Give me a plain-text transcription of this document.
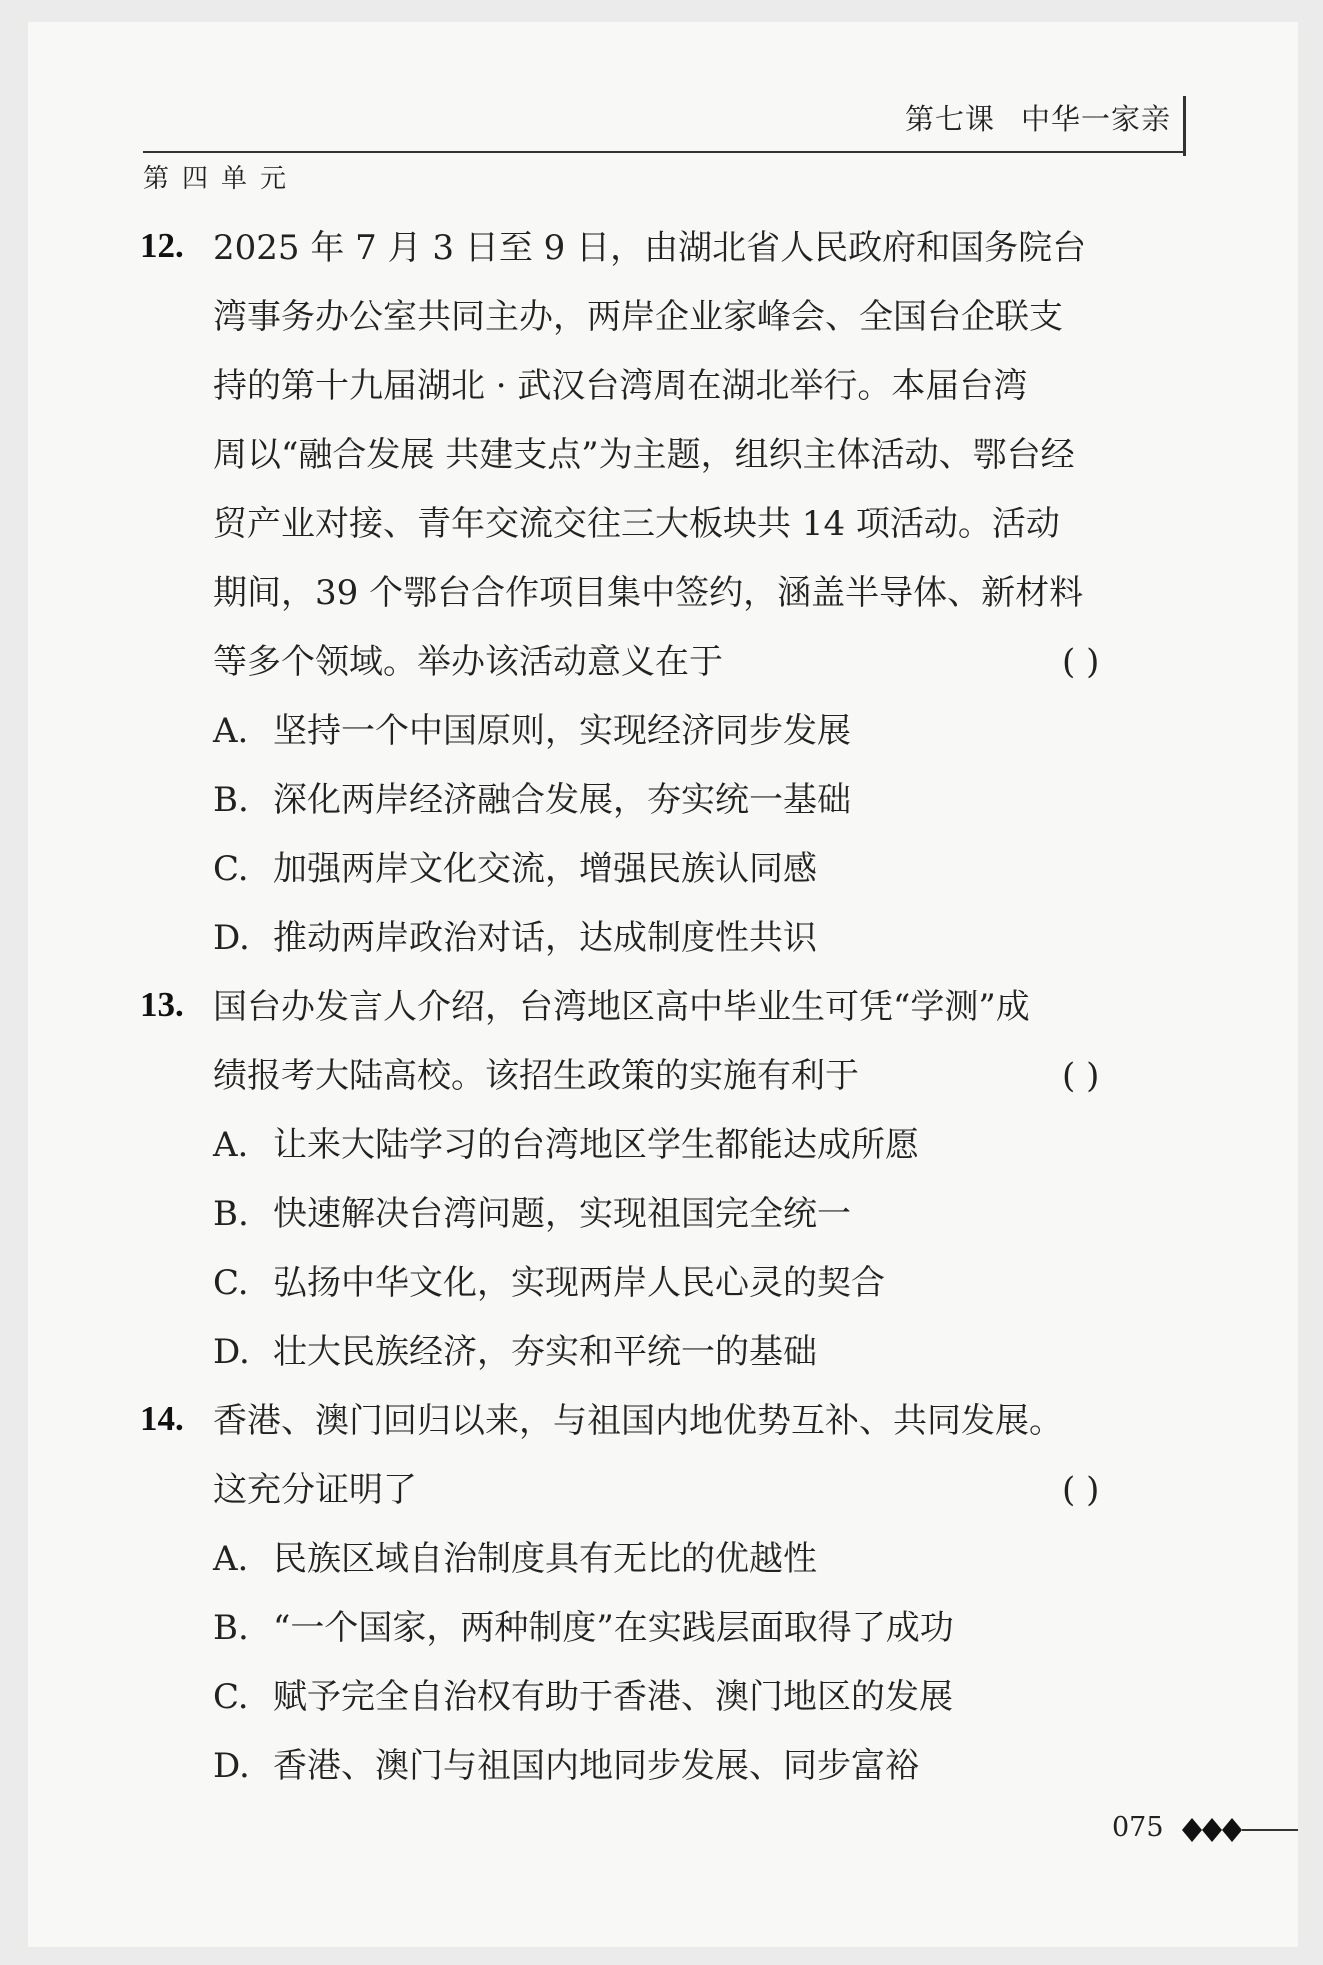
第七课 中华一家亲
第四单元
12. 2025 年 7 月 3 日至 9 日，由湖北省人民政府和国务院台
湾事务办公室共同主办，两岸企业家峰会、全国台企联支
持的第十九届湖北 · 武汉台湾周在湖北举行。本届台湾
周以“融合发展 共建支点”为主题，组织主体活动、鄂台经
贸产业对接、青年交流交往三大板块共 14 项活动。活动
期间，39 个鄂台合作项目集中签约，涵盖半导体、新材料
等多个领域。举办该活动意义在于	( )
A. 坚持一个中国原则，实现经济同步发展
B. 深化两岸经济融合发展，夯实统一基础
C. 加强两岸文化交流，增强民族认同感
D. 推动两岸政治对话，达成制度性共识
13. 国台办发言人介绍，台湾地区高中毕业生可凭“学测”成
绩报考大陆高校。该招生政策的实施有利于	( )
A. 让来大陆学习的台湾地区学生都能达成所愿
B. 快速解决台湾问题，实现祖国完全统一
C. 弘扬中华文化，实现两岸人民心灵的契合
D. 壮大民族经济，夯实和平统一的基础
14. 香港、澳门回归以来，与祖国内地优势互补、共同发展。
这充分证明了	( )
A. 民族区域自治制度具有无比的优越性
B. “一个国家，两种制度”在实践层面取得了成功
C. 赋予完全自治权有助于香港、澳门地区的发展
D. 香港、澳门与祖国内地同步发展、同步富裕
075
